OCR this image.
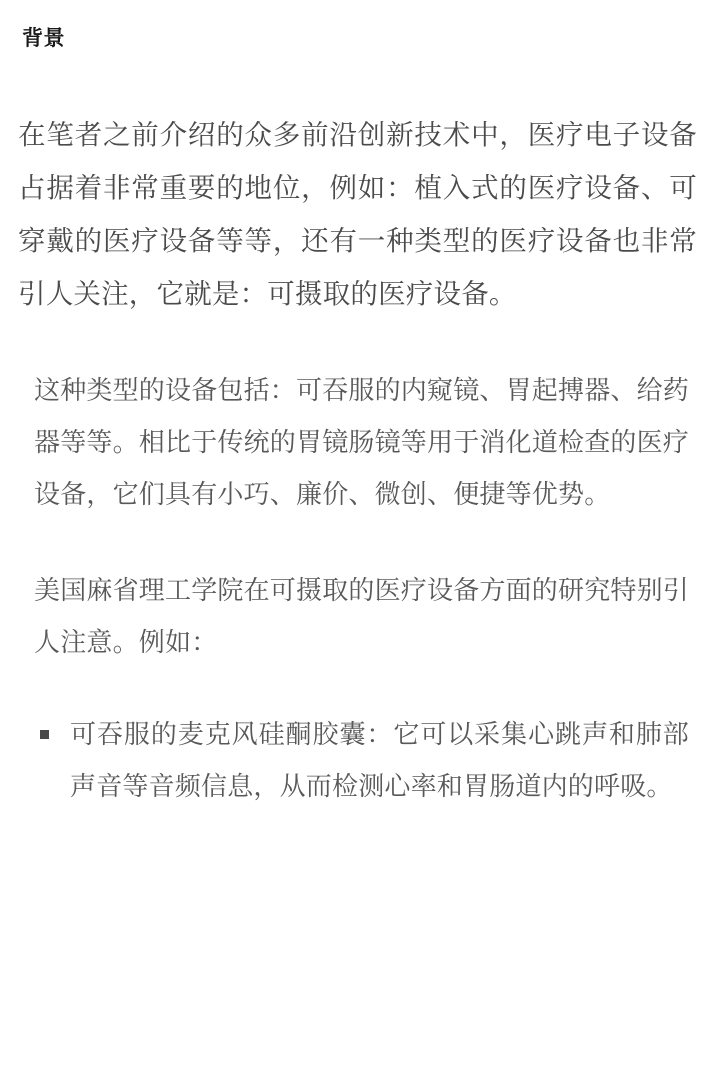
背景

在笔者之前介绍的众多前沿创新技术中，医疗电子设备占据着非常重要的地位，例如：植入式的医疗设备、可穿戴的医疗设备等等，还有一种类型的医疗设备也非常引人关注，它就是：可摄取的医疗设备。

这种类型的设备包括：可吞服的内窥镜、胃起搏器、给药器等等。相比于传统的胃镜肠镜等用于消化道检查的医疗设备，它们具有小巧、廉价、微创、便捷等优势。

美国麻省理工学院在可摄取的医疗设备方面的研究特别引人注意。例如：

可吞服的麦克风硅酮胶囊：它可以采集心跳声和肺部声音等音频信息，从而检测心率和胃肠道内的呼吸。
